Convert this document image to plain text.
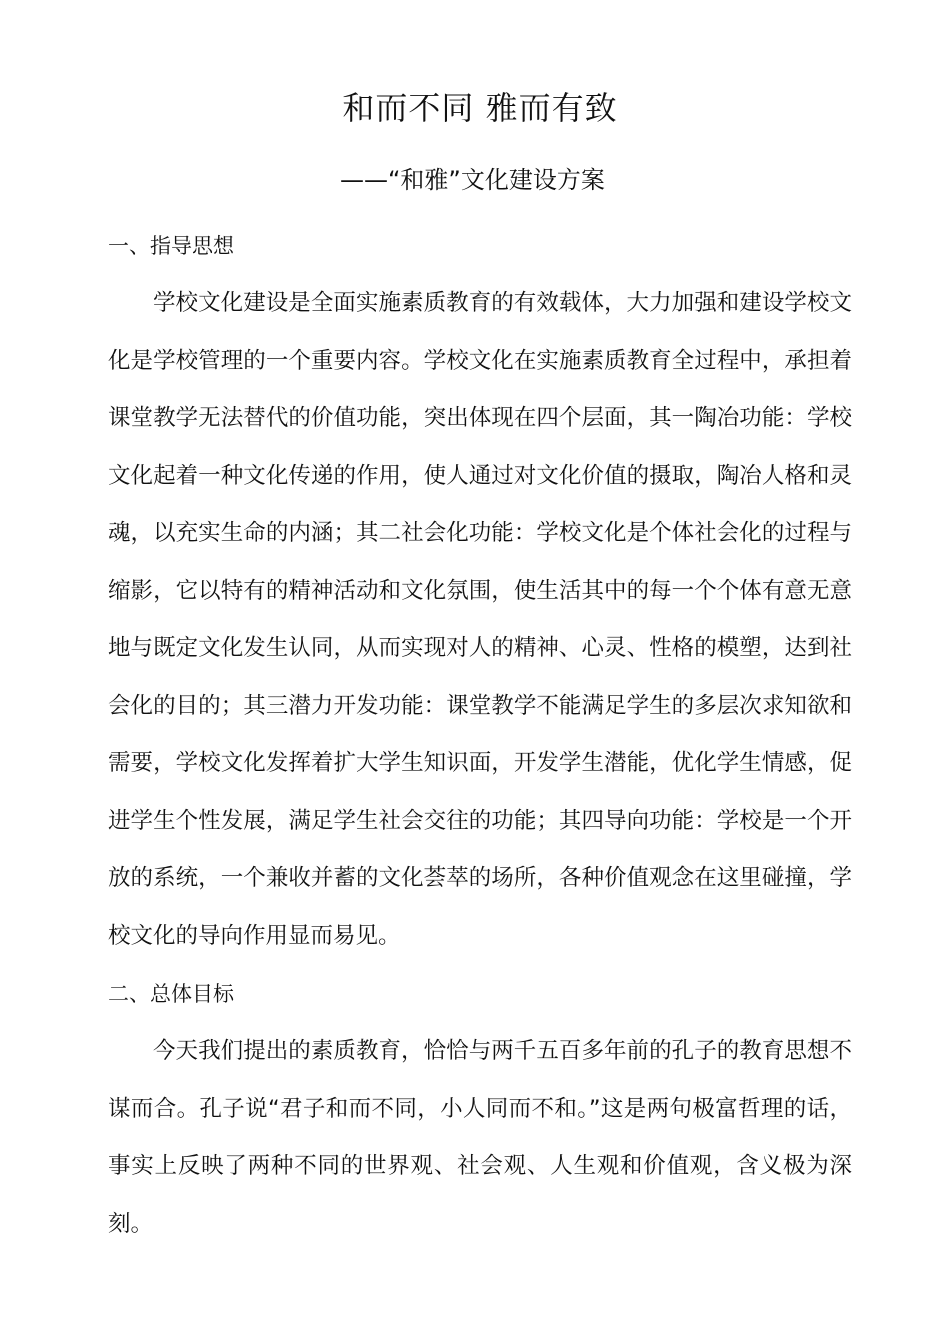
和而不同 雅而有致
——“和雅”文化建设方案
一、指导思想
学校文化建设是全面实施素质教育的有效载体，大力加强和建设学校文化是学校管理的一个重要内容。学校文化在实施素质教育全过程中，承担着课堂教学无法替代的价值功能，突出体现在四个层面，其一陶冶功能：学校文化起着一种文化传递的作用，使人通过对文化价值的摄取，陶冶人格和灵魂，以充实生命的内涵；其二社会化功能：学校文化是个体社会化的过程与缩影，它以特有的精神活动和文化氛围，使生活其中的每一个个体有意无意地与既定文化发生认同，从而实现对人的精神、心灵、性格的模塑，达到社会化的目的；其三潜力开发功能：课堂教学不能满足学生的多层次求知欲和需要，学校文化发挥着扩大学生知识面，开发学生潜能，优化学生情感，促进学生个性发展，满足学生社会交往的功能；其四导向功能：学校是一个开放的系统，一个兼收并蓄的文化荟萃的场所，各种价值观念在这里碰撞，学校文化的导向作用显而易见。
二、总体目标
今天我们提出的素质教育，恰恰与两千五百多年前的孔子的教育思想不谋而合。孔子说“君子和而不同，小人同而不和。”这是两句极富哲理的话，事实上反映了两种不同的世界观、社会观、人生观和价值观，含义极为深刻。
